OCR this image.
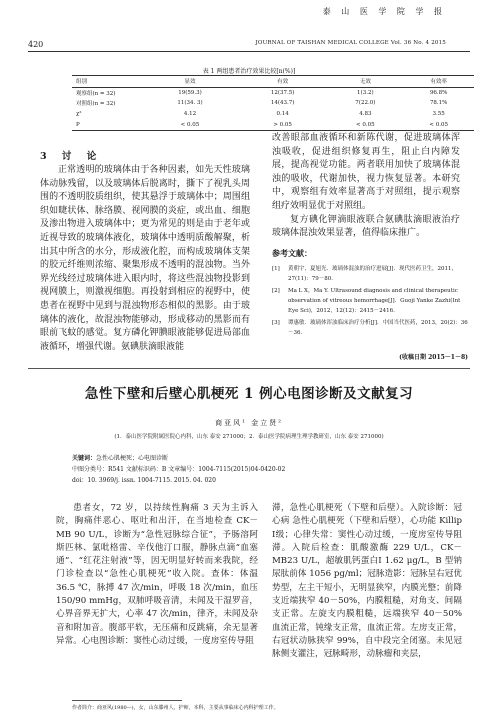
420
泰 山 医 学 院 学 报
JOURNAL OF TAISHAN MEDICAL COLLEGE Vol. 36 No. 4 2015
表 1 两组患者治疗效果比较[n(%)]
组别	显效	有效	无效	有效率
观察组(n = 32)	19(59.3)	12(37.5)	1(3.2)	96.8%
对照组(n = 32)	11(34. 3)	14(43.7)	7(22.0)	78.1%
χ²	4.12	0.14	4.83	3.55
P	< 0.05	> 0.05	< 0.05	< 0.05
3 讨 论

正常透明的玻璃体由于各种因素，如先天性玻璃体动脉残留，以及玻璃体后脱离时，撕下了视乳头周围的不透明胶质组织，使其悬浮于玻璃体中；周围组织如睫状体、脉络膜、视网膜的炎症，或出血、细胞及渗出物进入玻璃体中；更为常见的则是由于老年或近视导致的玻璃体液化，玻璃体中透明质酸解聚，析出其中所含的水分，形成液化腔，而构成玻璃体支架的胶元纤维则浓缩、聚集形成不透明的混浊物。当外界光线经过玻璃体进入眼内时，将这些混浊物投影到视网膜上，则激视细胞。再投射到相应的视野中，使患者在视野中见到与混浊物形态相似的黑影。由于玻璃体的液化，故混浊物能够动，形成移动的黑影而有眼前飞蚊的感觉。复方磷化钾腆眼液能够促进局部血液循环，增强代谢。氨碘肤滴眼液能

改善眼部血液循环和新陈代谢，促进玻璃体浑浊吸收，促进组织修复再生，阻止白内障发展，提高视觉功能。两者联用加快了玻璃体混浊的吸收，代谢加快，视力恢复显著。本研究中，观察组有效率显著高于对照组，提示观察组疗效明显优于对照组。

复方碘化钾滴眼液联合氨碘肽滴眼液治疗玻璃体混浊效果显著，值得临床推广。

参考文献：
[1] 黄朝宇，夏旭光．玻璃体混浊的治疗进展[J]．现代医药卫生，2011，27(11)：79－80.
[2] Ma L X，Ma Y. Ultrasound diagnosis and clinical therapeutic observation of vitreous hemorrhage[J]．Guoji Yanke Zazhi(Int Eye Sci)，2012，12(12)：2415－2416.
[3] 谭惠敏．玻璃体浑浊临床治疗分析[J]．中国当代医药，2013，20(2)：36－36.
(收稿日期 2015－1－8)
急性下壁和后壁心肌梗死 1 例心电图诊断及文献复习
商亚风¹ 金立贤²
(1．泰山医学院附属医院心内科，山东 泰安 271000；2．泰山医学院病理生理学教研室，山东 泰安 271000)
关键词：急性心肌梗死；心电图诊断
中图分类号：R541 文献标识码：B 文章编号：1004-7115(2015)04-0420-02
doi：10. 3969/j. issn. 1004-7115. 2015. 04. 020

患者女，72 岁，以持续性胸痛 3 天为主诉入院，胸痛伴恶心、呕吐和出汗，在当地检查 CK－MB 90 U/L，诊断为“急性冠脉综合征”，予肠溶阿斯匹林、氯吡格雷、辛伐他汀口服，静脉点滴“血塞通”、“红花注射液”等，因无明显好转而来我院，经门诊检查以“急性心肌梗死”收入院。查体：体温 36.5 ℃，脉搏 47 次/min，呼吸 18 次/min，血压 150/90 mmHg，双肺呼吸音清，未闻及干湿罗音，心界音界无扩大，心率 47 次/min，律齐，未闻及杂音和附加音。腹部平软，无压痛和反跳痛，余无显著异常。心电图诊断：窦性心动过缓，一度房室传导阻

滞，急性心肌梗死（下壁和后壁）。入院诊断：冠心病 急性心肌梗死（下壁和后壁），心功能 Killip Ⅰ级；心律失常：窦性心动过缓，一度房室传导阻滞。入院后检查：肌酸激酶 229 U/L，CK－MB23 U/L，超敏肌钙蛋白Ⅰ 1.62 μg/L，B 型钠尿肽前体 1056 pg/ml；冠脉造影：冠脉呈右冠优势型，左主干短小，无明显狭窄，内膜光整；前降支近端狭窄 40－50%，内膜粗糙，对角支、间隔支正常。左旋支内膜粗糙，远端狭窄 40－50% 血流正常，钝缘支正常，血流正常。左房支正常，右冠状动脉狭窄 99%，自中段完全闭塞。未见冠脉侧支灌注，冠脉畸形，动脉瘤和夹层，

作者简介：商亚风(1980—)，女，山东滕州人，护师，本科，主要从事临床心内科护理工作。
